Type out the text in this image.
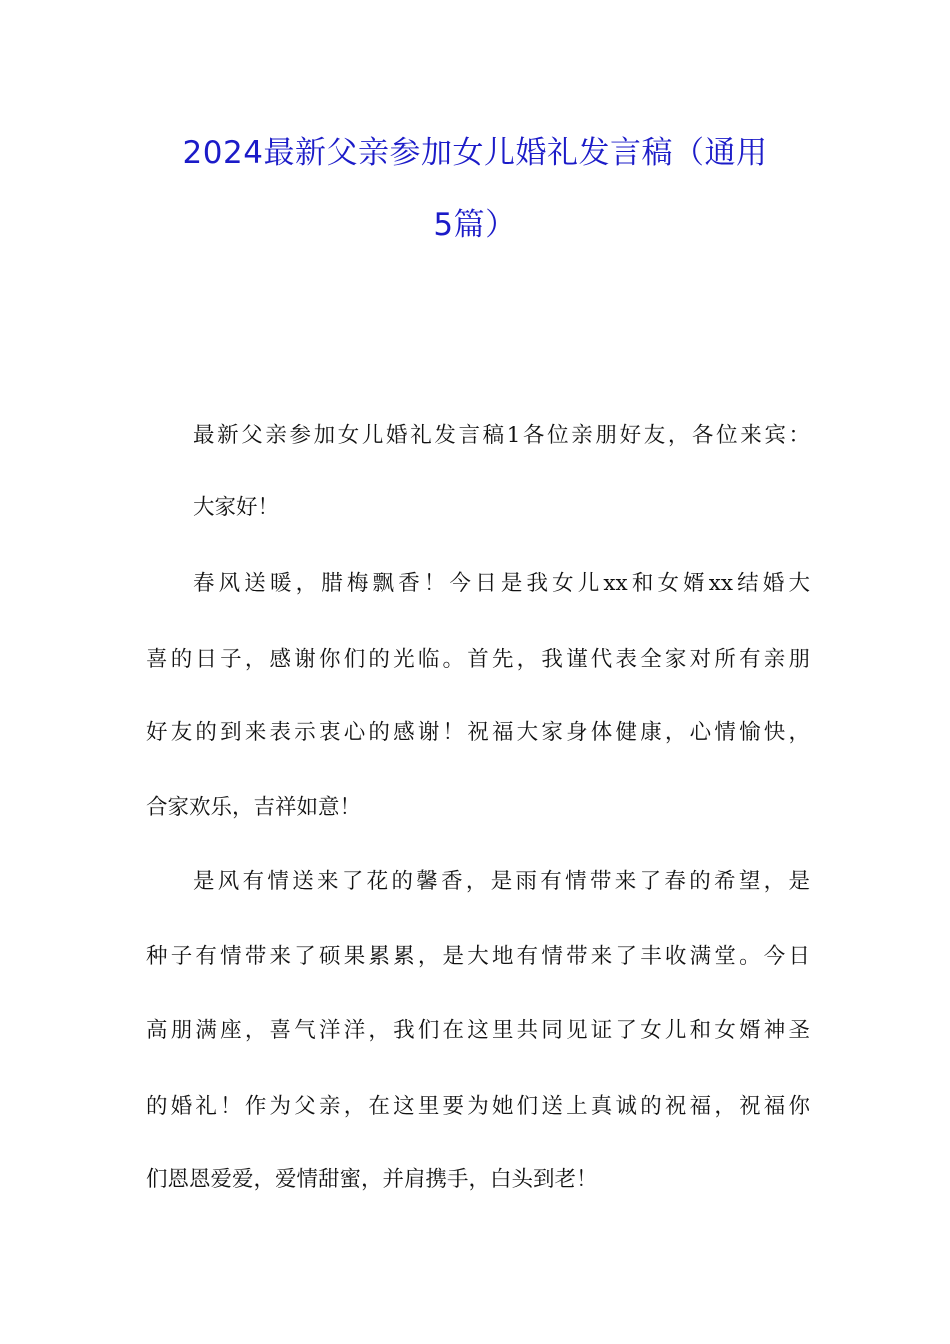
2024最新父亲参加女儿婚礼发言稿（通用
5篇）
最新父亲参加女儿婚礼发言稿1各位亲朋好友，各位来宾：
大家好！
春风送暖，腊梅飘香！今日是我女儿xx和女婿xx结婚大
喜的日子，感谢你们的光临。首先，我谨代表全家对所有亲朋
好友的到来表示衷心的感谢！祝福大家身体健康，心情愉快，
合家欢乐，吉祥如意！
是风有情送来了花的馨香，是雨有情带来了春的希望，是
种子有情带来了硕果累累，是大地有情带来了丰收满堂。今日
高朋满座，喜气洋洋，我们在这里共同见证了女儿和女婿神圣
的婚礼！作为父亲，在这里要为她们送上真诚的祝福，祝福你
们恩恩爱爱，爱情甜蜜，并肩携手，白头到老！
